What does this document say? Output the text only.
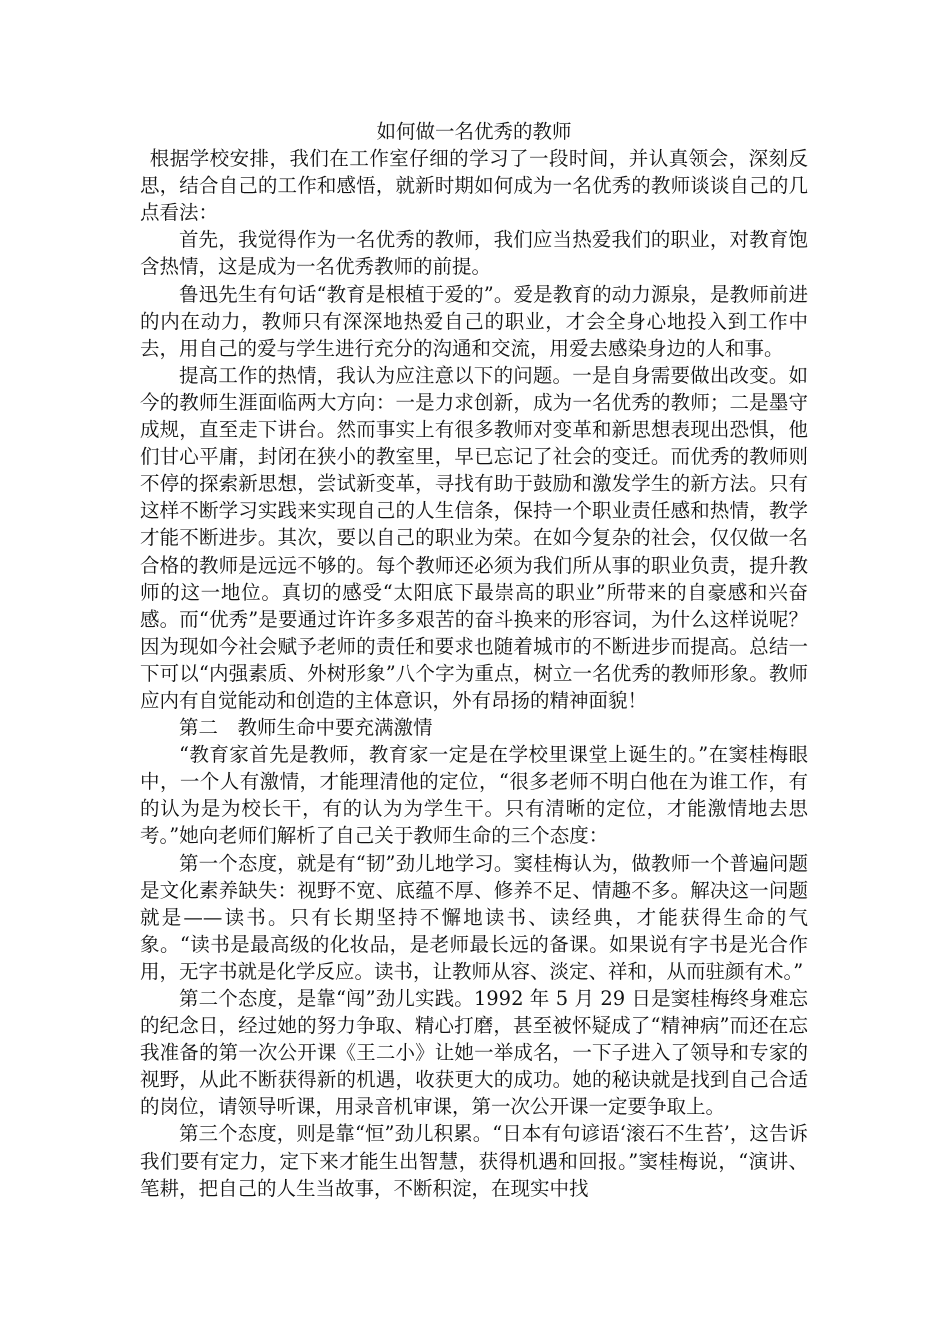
如何做一名优秀的教师

根据学校安排，我们在工作室仔细的学习了一段时间，并认真领会，深刻反思，结合自己的工作和感悟，就新时期如何成为一名优秀的教师谈谈自己的几点看法：

首先，我觉得作为一名优秀的教师，我们应当热爱我们的职业，对教育饱含热情，这是成为一名优秀教师的前提。

鲁迅先生有句话“教育是根植于爱的”。爱是教育的动力源泉，是教师前进的内在动力，教师只有深深地热爱自己的职业，才会全身心地投入到工作中去，用自己的爱与学生进行充分的沟通和交流，用爱去感染身边的人和事。

提高工作的热情，我认为应注意以下的问题。一是自身需要做出改变。如今的教师生涯面临两大方向：一是力求创新，成为一名优秀的教师；二是墨守成规，直至走下讲台。然而事实上有很多教师对变革和新思想表现出恐惧，他们甘心平庸，封闭在狭小的教室里，早已忘记了社会的变迁。而优秀的教师则不停的探索新思想，尝试新变革，寻找有助于鼓励和激发学生的新方法。只有这样不断学习实践来实现自己的人生信条，保持一个职业责任感和热情，教学才能不断进步。其次，要以自己的职业为荣。在如今复杂的社会，仅仅做一名合格的教师是远远不够的。每个教师还必须为我们所从事的职业负责，提升教师的这一地位。真切的感受“太阳底下最崇高的职业”所带来的自豪感和兴奋感。而“优秀”是要通过许许多多艰苦的奋斗换来的形容词，为什么这样说呢？因为现如今社会赋予老师的责任和要求也随着城市的不断进步而提高。总结一下可以“内强素质、外树形象”八个字为重点，树立一名优秀的教师形象。教师应内有自觉能动和创造的主体意识，外有昂扬的精神面貌！

第二　教师生命中要充满激情

“教育家首先是教师，教育家一定是在学校里课堂上诞生的。”在窦桂梅眼中，一个人有激情，才能理清他的定位，“很多老师不明白他在为谁工作，有的认为是为校长干，有的认为为学生干。只有清晰的定位，才能激情地去思考。”她向老师们解析了自己关于教师生命的三个态度：

第一个态度，就是有“韧”劲儿地学习。窦桂梅认为，做教师一个普遍问题是文化素养缺失：视野不宽、底蕴不厚、修养不足、情趣不多。解决这一问题就是——读书。只有长期坚持不懈地读书、读经典，才能获得生命的气象。“读书是最高级的化妆品，是老师最长远的备课。如果说有字书是光合作用，无字书就是化学反应。读书，让教师从容、淡定、祥和，从而驻颜有术。”

第二个态度，是靠“闯”劲儿实践。1992 年 5 月 29 日是窦桂梅终身难忘的纪念日，经过她的努力争取、精心打磨，甚至被怀疑成了“精神病”而还在忘我准备的第一次公开课《王二小》让她一举成名，一下子进入了领导和专家的视野，从此不断获得新的机遇，收获更大的成功。她的秘诀就是找到自己合适的岗位，请领导听课，用录音机审课，第一次公开课一定要争取上。

第三个态度，则是靠“恒”劲儿积累。“日本有句谚语‘滚石不生苔’，这告诉我们要有定力，定下来才能生出智慧，获得机遇和回报。”窦桂梅说，“演讲、笔耕，把自己的人生当故事，不断积淀，在现实中找
